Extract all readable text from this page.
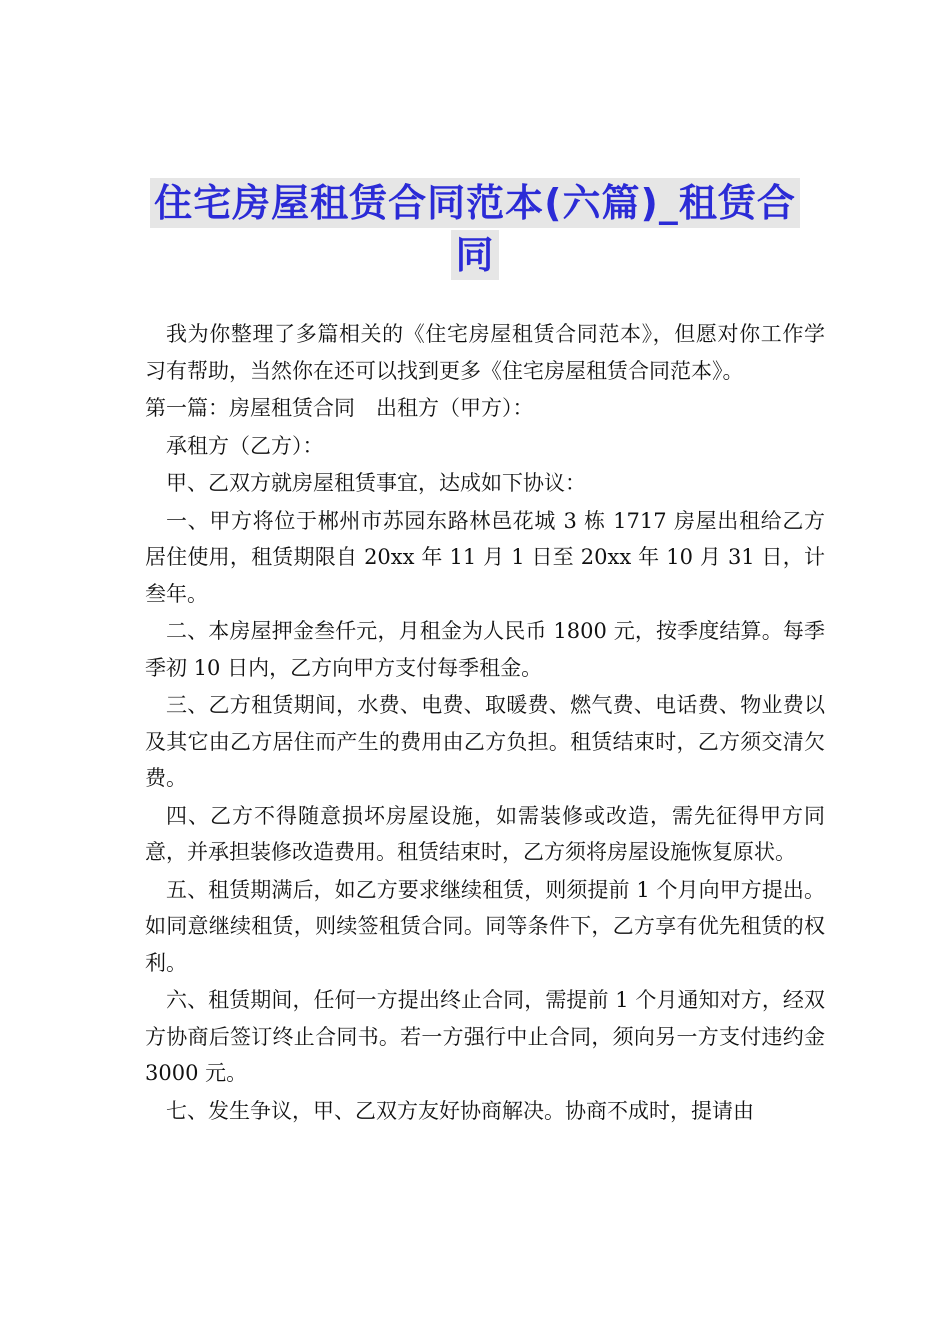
住宅房屋租赁合同范本(六篇)_租赁合
同

我为你整理了多篇相关的《住宅房屋租赁合同范本》，但愿对你工作学习有帮助，当然你在还可以找到更多《住宅房屋租赁合同范本》。

第一篇：房屋租赁合同　出租方（甲方）：

承租方（乙方）：

甲、乙双方就房屋租赁事宜，达成如下协议：

一、甲方将位于郴州市苏园东路林邑花城 3 栋 1717 房屋出租给乙方居住使用，租赁期限自 20xx 年 11 月 1 日至 20xx 年 10 月 31 日，计叁年。

二、本房屋押金叁仟元，月租金为人民币 1800 元，按季度结算。每季季初 10 日内，乙方向甲方支付每季租金。

三、乙方租赁期间，水费、电费、取暖费、燃气费、电话费、物业费以及其它由乙方居住而产生的费用由乙方负担。租赁结束时，乙方须交清欠费。

四、乙方不得随意损坏房屋设施，如需装修或改造，需先征得甲方同意，并承担装修改造费用。租赁结束时，乙方须将房屋设施恢复原状。

五、租赁期满后，如乙方要求继续租赁，则须提前 1 个月向甲方提出。如同意继续租赁，则续签租赁合同。同等条件下，乙方享有优先租赁的权利。

六、租赁期间，任何一方提出终止合同，需提前 1 个月通知对方，经双方协商后签订终止合同书。若一方强行中止合同，须向另一方支付违约金 3000 元。

七、发生争议，甲、乙双方友好协商解决。协商不成时，提请由
